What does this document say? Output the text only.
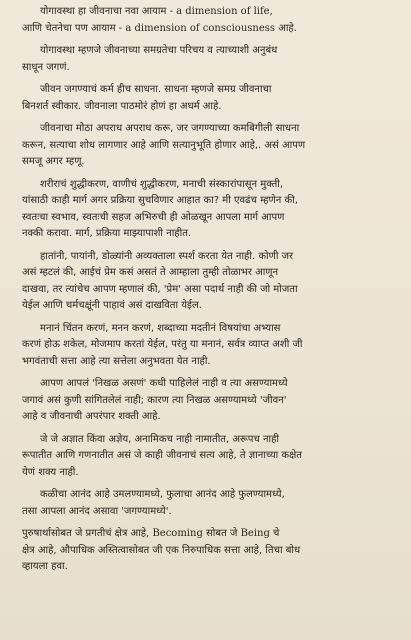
योगावस्था हा जीवनाचा नवा आयाम - a dimension of life,
आणि चेतनेचा पण आयाम - a dimension of consciousness आहे.
योगावस्था म्हणजे जीवनाच्या समग्रतेचा परिचय व त्याच्याशी अनुबंध
साधून जगणं.
जीवन जगण्याचं कर्म हीच साधना. साधना म्हणजे समग्र जीवनाचा
बिनशर्त स्वीकार. जीवनाला पाठमोरं होणं हा अधर्म आहे.
जीवनाचा मोठा अपराध अपराध करू, जर जगण्याच्या कमबिगीली साधना
करून, सत्याचा शोध लागणार आहे आणि सत्यानुभूति होणार आहे,. असं आपण
समजू अगर म्हणू.
शरीराचं शुद्धीकरण, वाणीचं शुद्धीकरण, मनाची संस्कारांपासून मुक्ती,
यांसाठी काही मार्ग अगर प्रक्रिया सुचविणार आहात का? मी एवढंच म्हणेन की,
स्वतःचा स्वभाव, स्वतःची सहज अभिरुची ही ओळखून आपला मार्ग आपण
नक्की करावा. मार्ग, प्रक्रिया माझ्यापाशी नाहीत.
हातांनी, पायांनी, डोळ्यांनी अव्यक्ताला स्पर्श करता येत नाही. कोणी जर
असं म्हटलं की, आईचं प्रेम कसं असतं ते आम्हाला तुम्ही तोळाभर आणून
दाखवा, तर त्यांचेच आपण म्हणालं की, 'प्रेम' असा पदार्थ नाही की जो मोजता
येईल आणि चर्मचक्षूंनी पाहावं असं दाखविता येईल.
मनानं चिंतन करणं, मनन करणं, शब्दाच्या मदतीनं विषयांचा अभ्यास
करणं होऊ शकेल, मोजमाप करतां येईल, परंतु या मनानं, सर्वत्र व्याप्त अशी जी
भगवंताची सत्ता आहे त्या सत्तेला अनुभवता येत नाही.
आपण आपलं 'निखळ असणं' कधी पाहिलेलं नाही व त्या असण्यामध्ये
जगावं असं कुणी सांगितलेलं नाही; कारण त्या निखळ असण्यामध्ये 'जीवन'
आहे व जीवनाची अपरंपार शक्ती आहे.
जे जे अज्ञात किंवा अज्ञेय, अनामिकच नाही नामातीत, अरूपच नाही
रूपातीत आणि गणनातीत असं जे काही जीवनाचं सत्य आहे, ते ज्ञानाच्या कक्षेत
येणं शक्य नाही.
कळीचा आनंद आहे उमलण्यामध्ये, फुलाचा आनंद आहे फुलण्यामध्ये,
तसा आपला आनंद असावा 'जगण्यामध्ये'.
पुरुषार्थासोबत जे प्रगतीचं क्षेत्र आहे, Becoming सोबत जे Being चे
क्षेत्र आहे, औपाधिक अस्तित्वासोबत जी एक निरुपाधिक सत्ता आहे, तिचा बोध
व्हायला हवा.
